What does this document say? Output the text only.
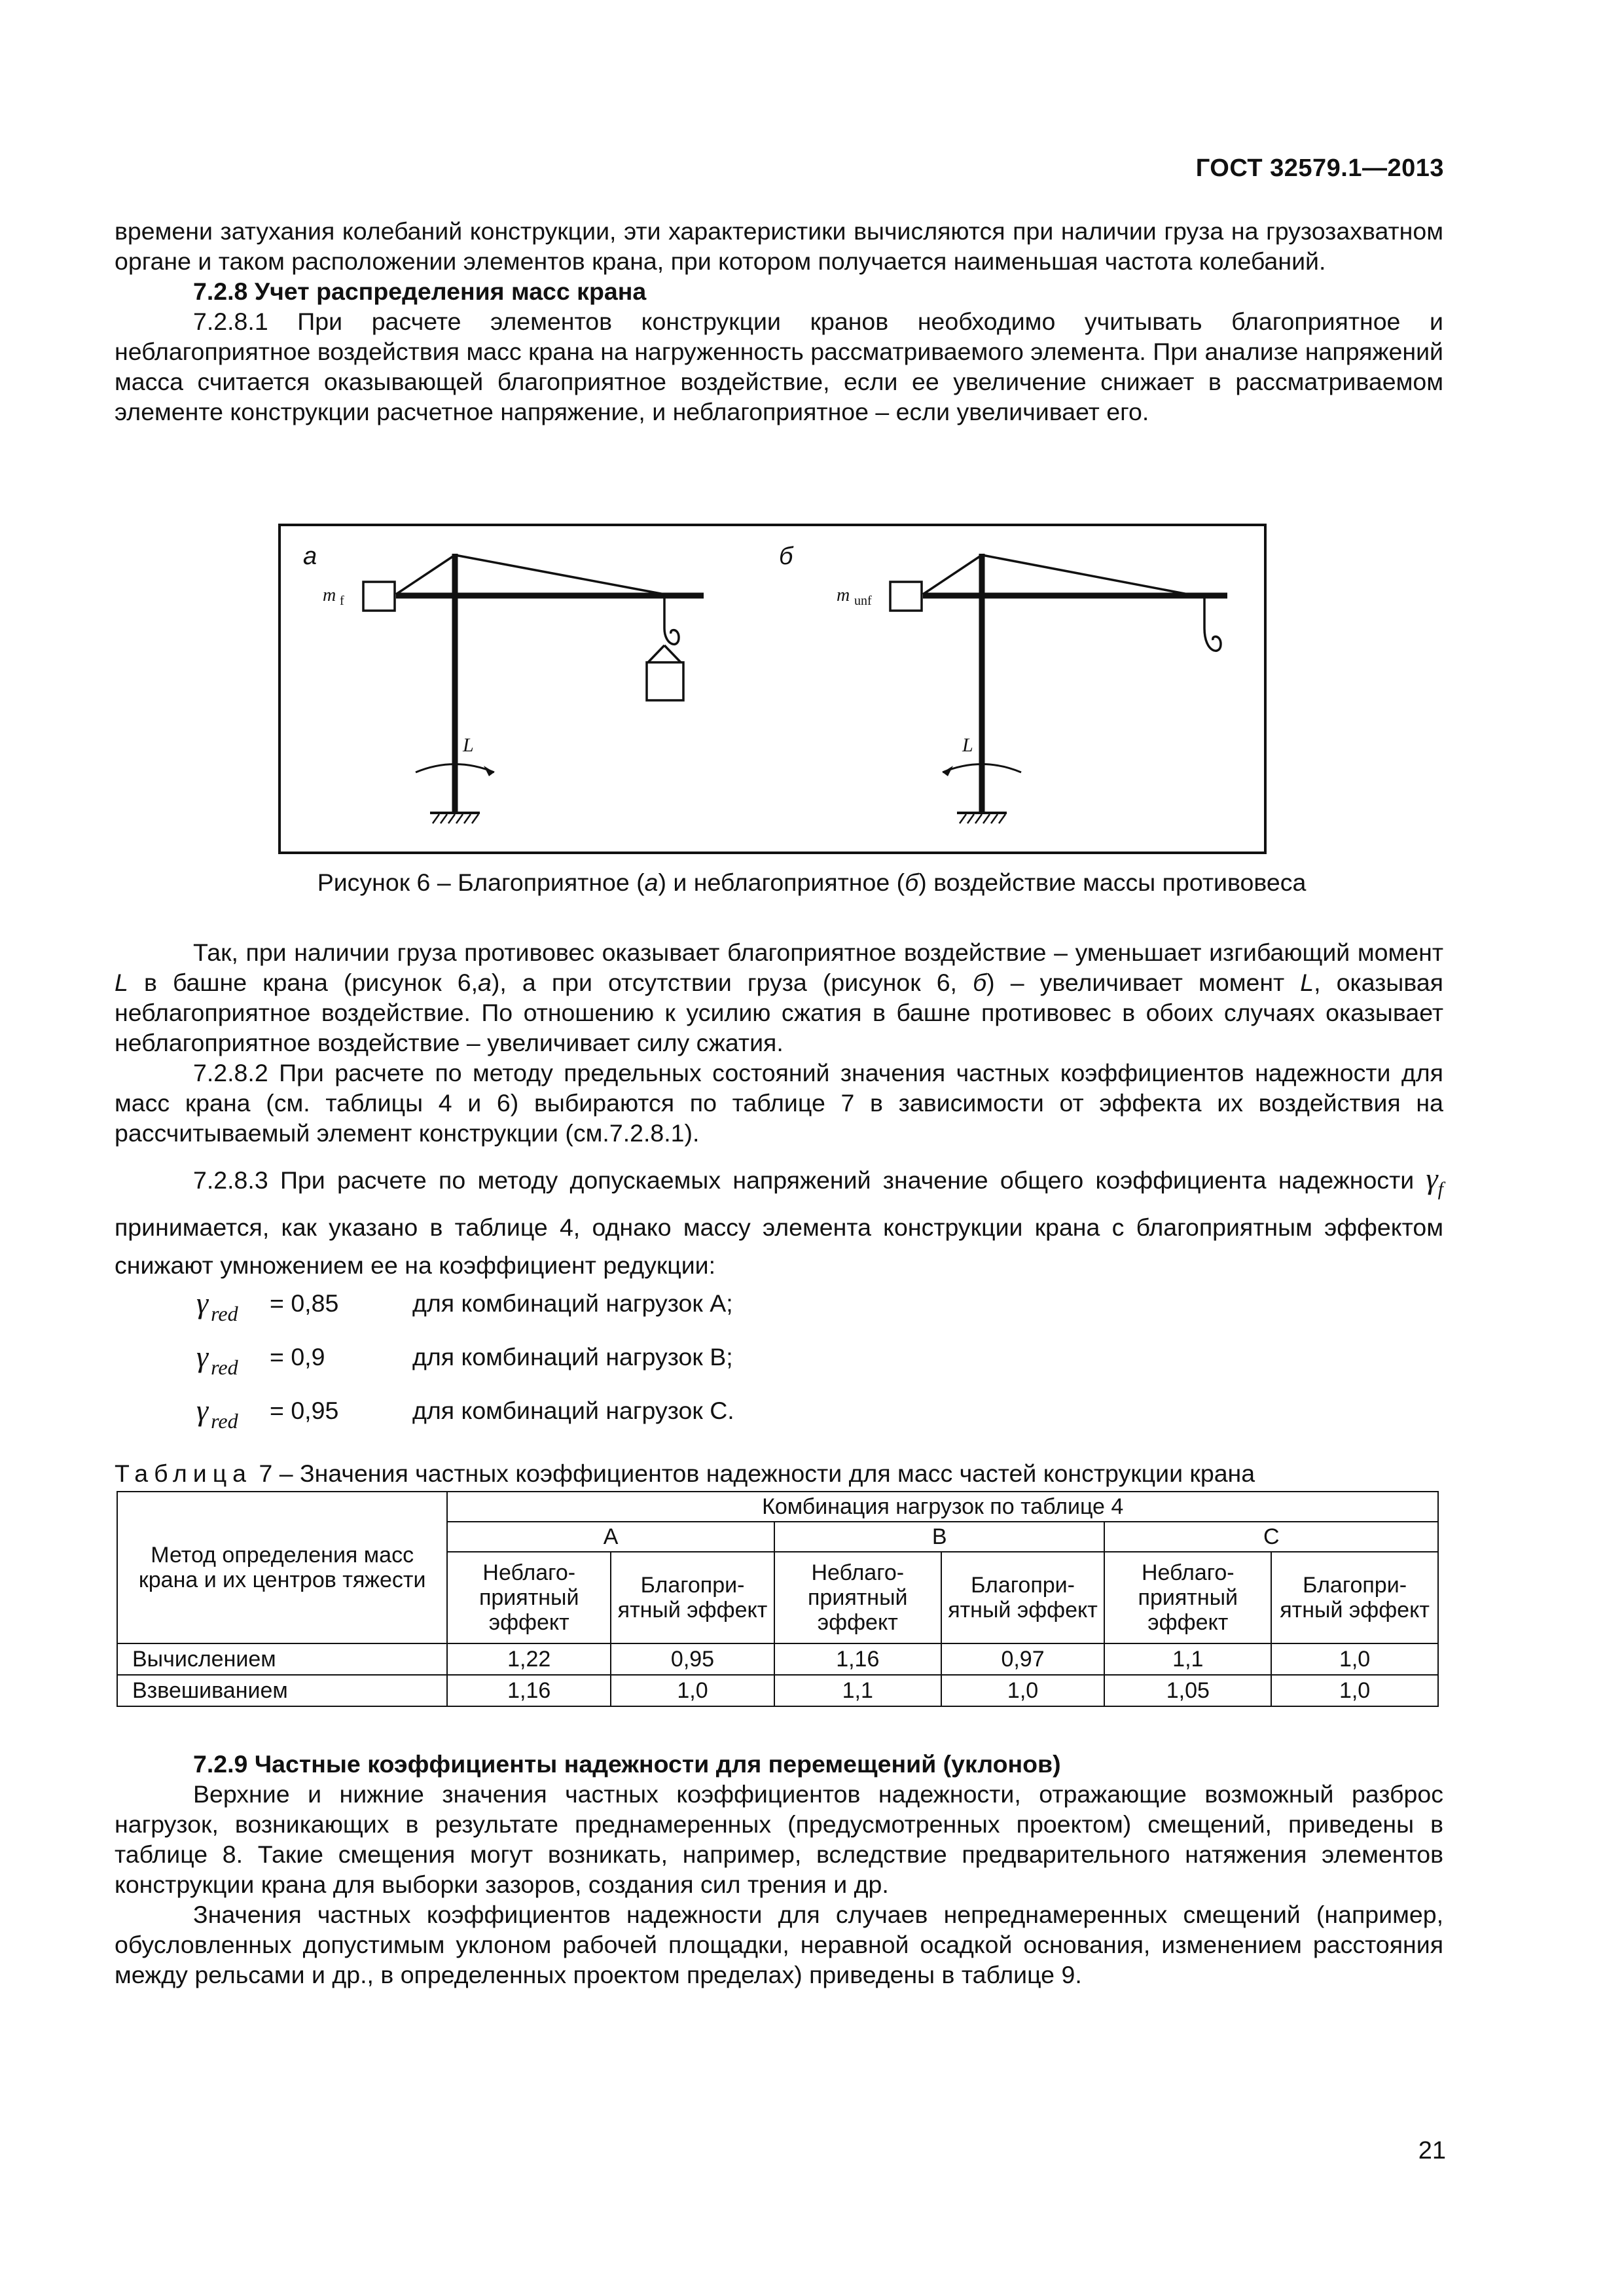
ГОСТ 32579.1—2013

времени затухания колебаний конструкции, эти характеристики вычисляются при наличии груза на грузозахватном органе и таком расположении элементов крана, при котором получается наименьшая частота колебаний.

7.2.8 Учет распределения масс крана

7.2.8.1 При расчете элементов конструкции кранов необходимо учитывать благоприятное и неблагоприятное воздействия масс крана на нагруженность рассматриваемого элемента. При анализе напряжений масса считается оказывающей благоприятное воздействие, если ее увеличение снижает в рассматриваемом элементе конструкции расчетное напряжение, и неблагоприятное – если увеличивает его.

а
m f
L
б
m unf
L
Рисунок 6 – Благоприятное (а) и неблагоприятное (б) воздействие массы противовеса

Так, при наличии груза противовес оказывает благоприятное воздействие – уменьшает изгибающий момент L в башне крана (рисунок 6,а), а при отсутствии груза (рисунок 6, б) – увеличивает момент L, оказывая неблагоприятное воздействие. По отношению к усилию сжатия в башне противовес в обоих случаях оказывает неблагоприятное воздействие – увеличивает силу сжатия.

7.2.8.2 При расчете по методу предельных состояний значения частных коэффициентов надежности для масс крана (см. таблицы 4 и 6) выбираются по таблице 7 в зависимости от эффекта их воздействия на рассчитываемый элемент конструкции (см.7.2.8.1).

7.2.8.3 При расчете по методу допускаемых напряжений значение общего коэффициента надежности $\gamma_f$ принимается, как указано в таблице 4, однако массу элемента конструкции крана с благоприятным эффектом снижают умножением ее на коэффициент редукции:

γ $_{red}$ = 0,85	для комбинаций нагрузок А;
γ $_{red}$ = 0,9	для комбинаций нагрузок В;
γ $_{red}$ = 0,95	для комбинаций нагрузок С.
Таблица 7 – Значения частных коэффициентов надежности для масс частей конструкции крана
Метод определения масс крана и их центров тяжести	Комбинация нагрузок по таблице 4					
	А		В		С	
	Неблаго-приятный эффект	Благопри-ятный эффект	Неблаго-приятный эффект	Благопри-ятный эффект	Неблаго-приятный эффект	Благопри-ятный эффект
Вычислением	1,22	0,95	1,16	0,97	1,1	1,0
Взвешиванием	1,16	1,0	1,1	1,0	1,05	1,0

7.2.9 Частные коэффициенты надежности для перемещений (уклонов)

Верхние и нижние значения частных коэффициентов надежности, отражающие возможный разброс нагрузок, возникающих в результате преднамеренных (предусмотренных проектом) смещений, приведены в таблице 8. Такие смещения могут возникать, например, вследствие предварительного натяжения элементов конструкции крана для выборки зазоров, создания сил трения и др.

Значения частных коэффициентов надежности для случаев непреднамеренных смещений (например, обусловленных допустимым уклоном рабочей площадки, неравной осадкой основания, изменением расстояния между рельсами и др., в определенных проектом пределах) приведены в таблице 9.

21
